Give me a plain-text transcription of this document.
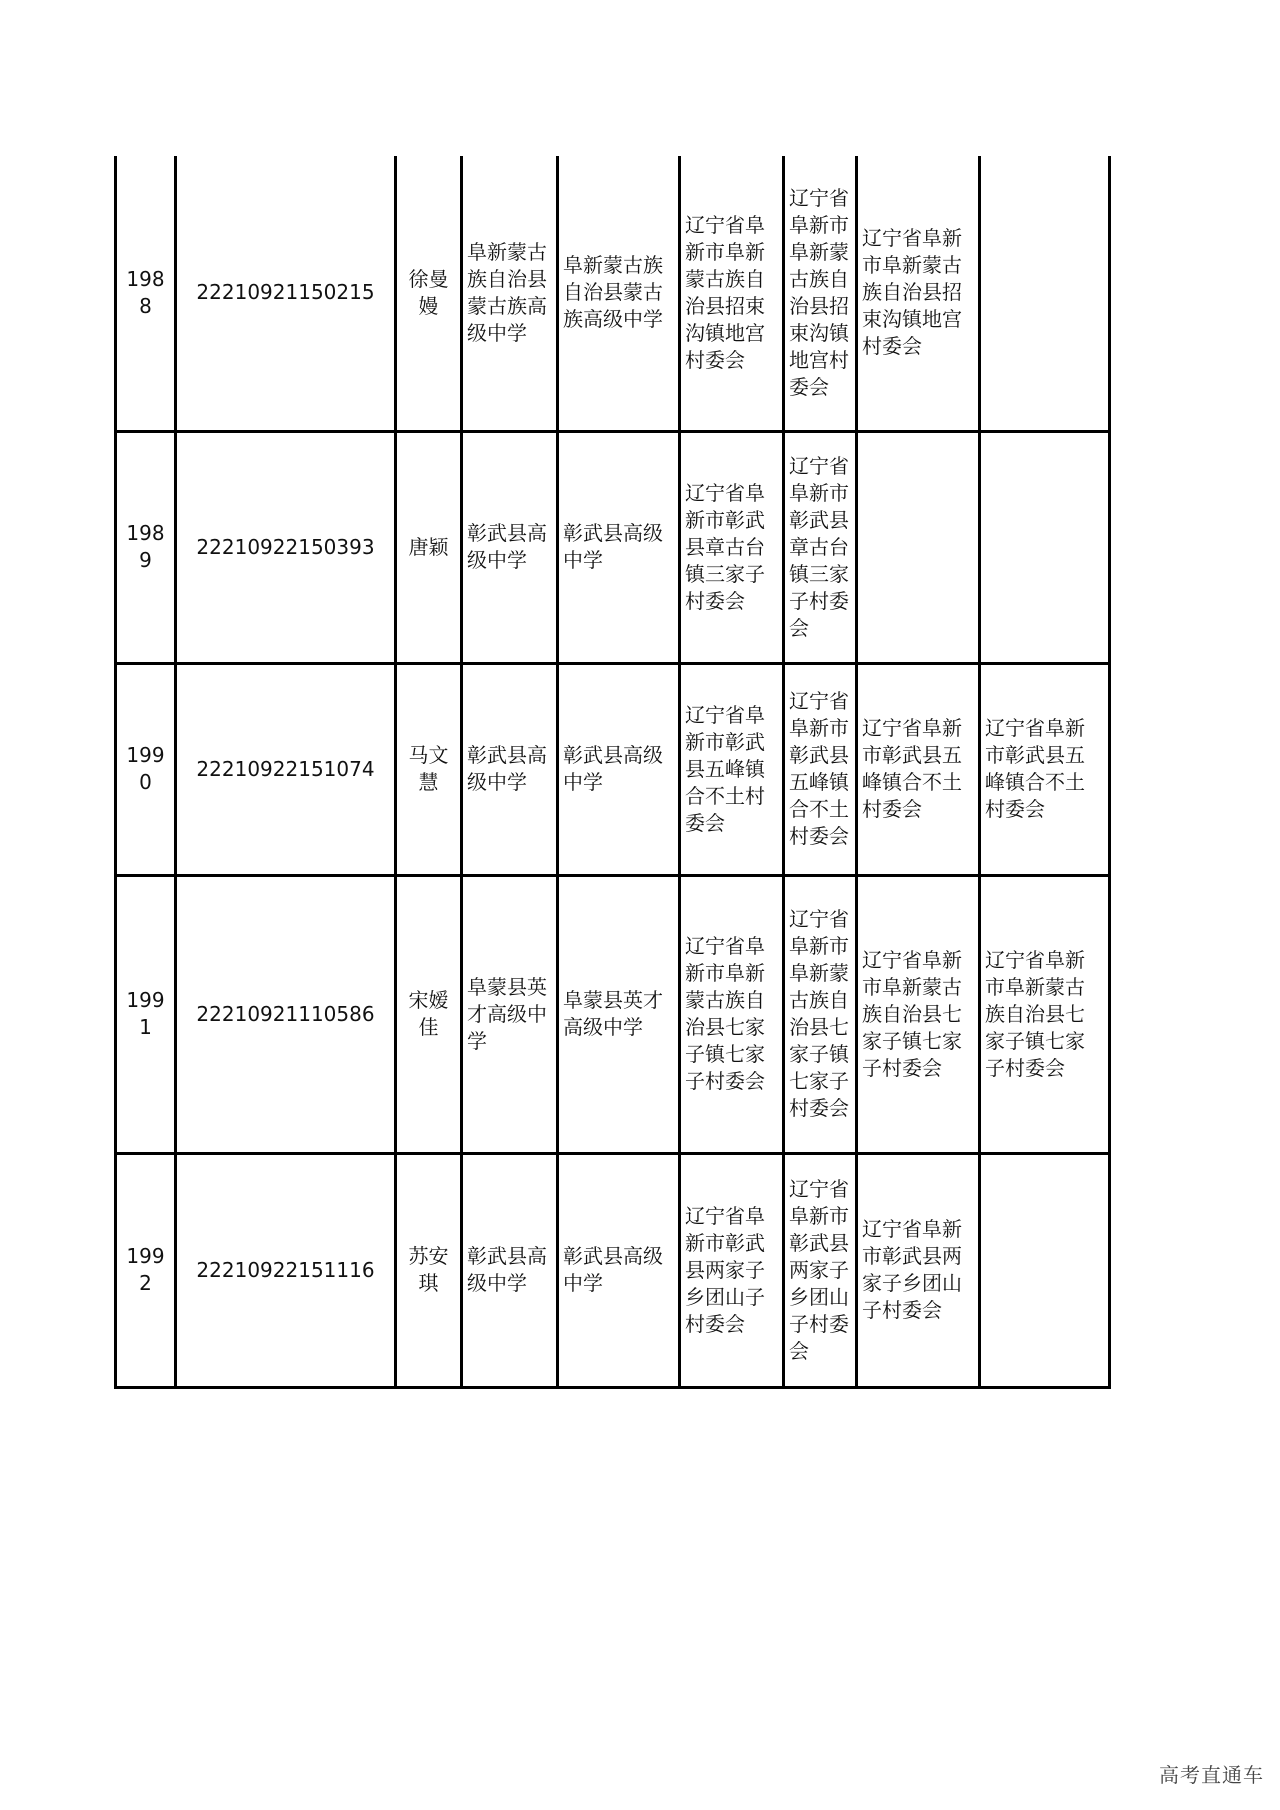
1988	22210921150215	徐曼嫚	阜新蒙古族自治县蒙古族高级中学	阜新蒙古族自治县蒙古族高级中学	辽宁省阜新市阜新蒙古族自治县招束沟镇地宫村委会	辽宁省阜新市阜新蒙古族自治县招束沟镇地宫村委会	辽宁省阜新市阜新蒙古族自治县招束沟镇地宫村委会	
1989	22210922150393	唐颖	彰武县高级中学	彰武县高级中学	辽宁省阜新市彰武县章古台镇三家子村委会	辽宁省阜新市彰武县章古台镇三家子村委会		
1990	22210922151074	马文慧	彰武县高级中学	彰武县高级中学	辽宁省阜新市彰武县五峰镇合不土村委会	辽宁省阜新市彰武县五峰镇合不土村委会	辽宁省阜新市彰武县五峰镇合不土村委会	辽宁省阜新市彰武县五峰镇合不土村委会
1991	22210921110586	宋嫒佳	阜蒙县英才高级中学	阜蒙县英才高级中学	辽宁省阜新市阜新蒙古族自治县七家子镇七家子村委会	辽宁省阜新市阜新蒙古族自治县七家子镇七家子村委会	辽宁省阜新市阜新蒙古族自治县七家子镇七家子村委会	辽宁省阜新市阜新蒙古族自治县七家子镇七家子村委会
1992	22210922151116	苏安琪	彰武县高级中学	彰武县高级中学	辽宁省阜新市彰武县两家子乡团山子村委会	辽宁省阜新市彰武县两家子乡团山子村委会	辽宁省阜新市彰武县两家子乡团山子村委会	
高考直通车
